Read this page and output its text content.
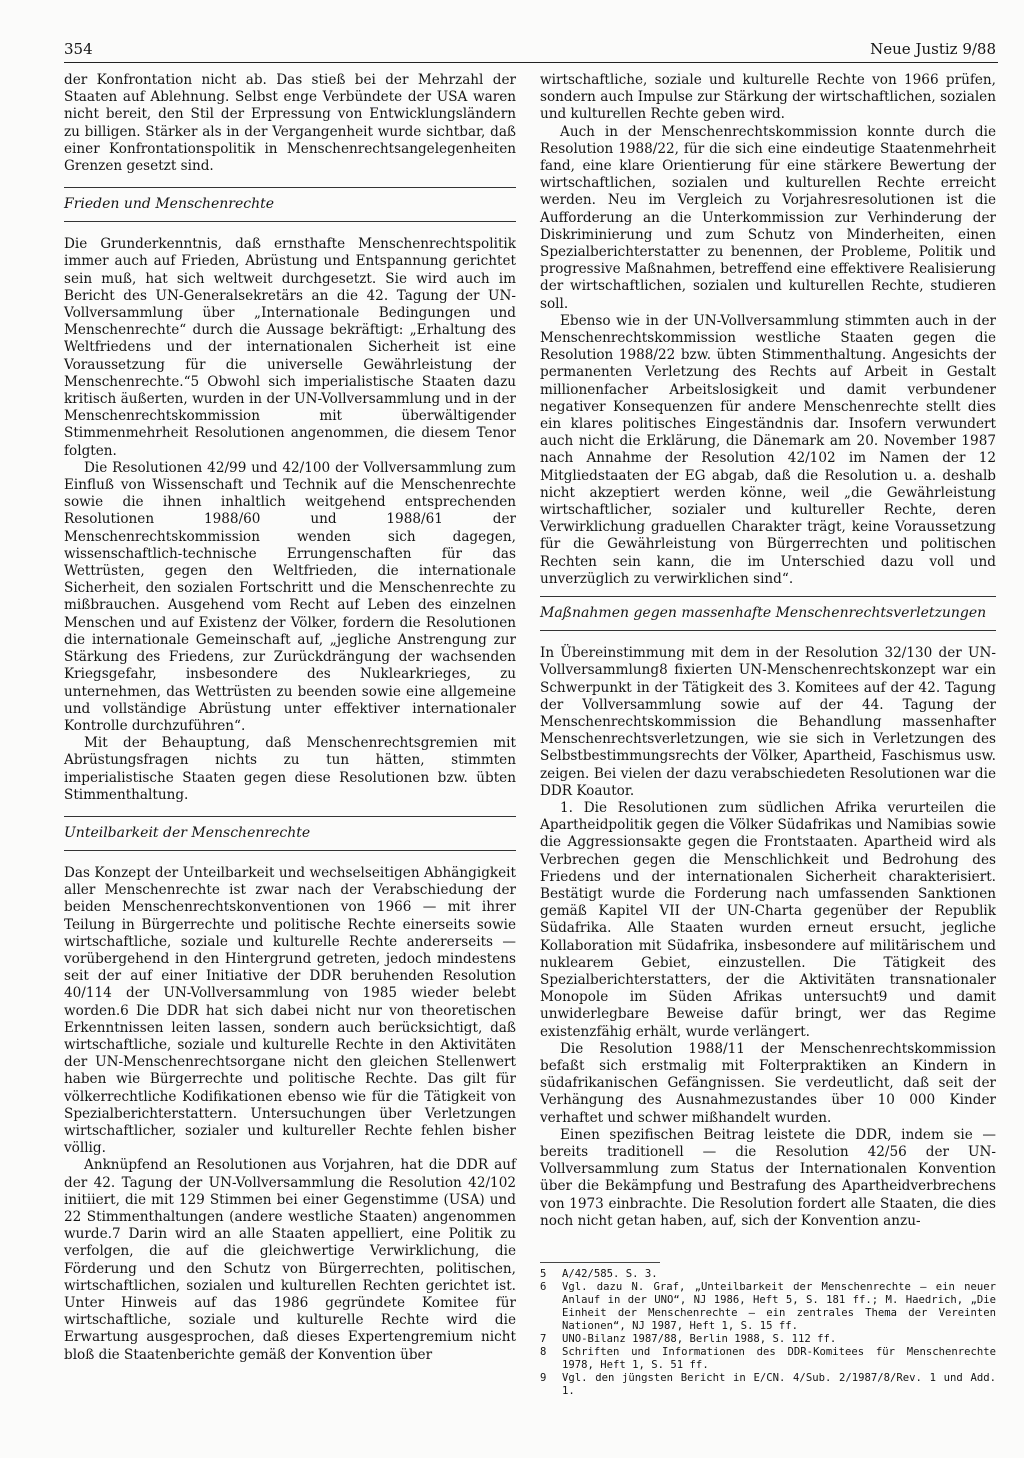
354	Neue Justiz 9/88

der Konfrontation nicht ab. Das stieß bei der Mehrzahl der Staaten auf Ablehnung. Selbst enge Verbündete der USA waren nicht bereit, den Stil der Erpressung von Entwicklungsländern zu billigen. Stärker als in der Vergangenheit wurde sichtbar, daß einer Konfrontationspolitik in Menschenrechtsangelegenheiten Grenzen gesetzt sind.

Frieden und Menschenrechte

Die Grunderkenntnis, daß ernsthafte Menschenrechtspolitik immer auch auf Frieden, Abrüstung und Entspannung gerichtet sein muß, hat sich weltweit durchgesetzt. Sie wird auch im Bericht des UN-Generalsekretärs an die 42. Tagung der UN-Vollversammlung über „Internationale Bedingungen und Menschenrechte“ durch die Aussage bekräftigt: „Erhaltung des Weltfriedens und der internationalen Sicherheit ist eine Voraussetzung für die universelle Gewährleistung der Menschenrechte.“5 Obwohl sich imperialistische Staaten dazu kritisch äußerten, wurden in der UN-Vollversammlung und in der Menschenrechtskommission mit überwältigender Stimmenmehrheit Resolutionen angenommen, die diesem Tenor folgten.

Die Resolutionen 42/99 und 42/100 der Vollversammlung zum Einfluß von Wissenschaft und Technik auf die Menschenrechte sowie die ihnen inhaltlich weitgehend entsprechenden Resolutionen 1988/60 und 1988/61 der Menschenrechtskommission wenden sich dagegen, wissenschaftlich-technische Errungenschaften für das Wettrüsten, gegen den Weltfrieden, die internationale Sicherheit, den sozialen Fortschritt und die Menschenrechte zu mißbrauchen. Ausgehend vom Recht auf Leben des einzelnen Menschen und auf Existenz der Völker, fordern die Resolutionen die internationale Gemeinschaft auf, „jegliche Anstrengung zur Stärkung des Friedens, zur Zurückdrängung der wachsenden Kriegsgefahr, insbesondere des Nuklearkrieges, zu unternehmen, das Wettrüsten zu beenden sowie eine allgemeine und vollständige Abrüstung unter effektiver internationaler Kontrolle durchzuführen“.

Mit der Behauptung, daß Menschenrechtsgremien mit Abrüstungsfragen nichts zu tun hätten, stimmten imperialistische Staaten gegen diese Resolutionen bzw. übten Stimmenthaltung.

Unteilbarkeit der Menschenrechte

Das Konzept der Unteilbarkeit und wechselseitigen Abhängigkeit aller Menschenrechte ist zwar nach der Verabschiedung der beiden Menschenrechtskonventionen von 1966 — mit ihrer Teilung in Bürgerrechte und politische Rechte einerseits sowie wirtschaftliche, soziale und kulturelle Rechte andererseits — vorübergehend in den Hintergrund getreten, jedoch mindestens seit der auf einer Initiative der DDR beruhenden Resolution 40/114 der UN-Vollversammlung von 1985 wieder belebt worden.6 Die DDR hat sich dabei nicht nur von theoretischen Erkenntnissen leiten lassen, sondern auch berücksichtigt, daß wirtschaftliche, soziale und kulturelle Rechte in den Aktivitäten der UN-Menschenrechtsorgane nicht den gleichen Stellenwert haben wie Bürgerrechte und politische Rechte. Das gilt für völkerrechtliche Kodifikationen ebenso wie für die Tätigkeit von Spezialberichterstattern. Untersuchungen über Verletzungen wirtschaftlicher, sozialer und kultureller Rechte fehlen bisher völlig.

Anknüpfend an Resolutionen aus Vorjahren, hat die DDR auf der 42. Tagung der UN-Vollversammlung die Resolution 42/102 initiiert, die mit 129 Stimmen bei einer Gegenstimme (USA) und 22 Stimmenthaltungen (andere westliche Staaten) angenommen wurde.7 Darin wird an alle Staaten appelliert, eine Politik zu verfolgen, die auf die gleichwertige Verwirklichung, die Förderung und den Schutz von Bürgerrechten, politischen, wirtschaftlichen, sozialen und kulturellen Rechten gerichtet ist. Unter Hinweis auf das 1986 gegründete Komitee für wirtschaftliche, soziale und kulturelle Rechte wird die Erwartung ausgesprochen, daß dieses Expertengremium nicht bloß die Staatenberichte gemäß der Konvention über

wirtschaftliche, soziale und kulturelle Rechte von 1966 prüfen, sondern auch Impulse zur Stärkung der wirtschaftlichen, sozialen und kulturellen Rechte geben wird.

Auch in der Menschenrechtskommission konnte durch die Resolution 1988/22, für die sich eine eindeutige Staatenmehrheit fand, eine klare Orientierung für eine stärkere Bewertung der wirtschaftlichen, sozialen und kulturellen Rechte erreicht werden. Neu im Vergleich zu Vorjahresresolutionen ist die Aufforderung an die Unterkommission zur Verhinderung der Diskriminierung und zum Schutz von Minderheiten, einen Spezialberichterstatter zu benennen, der Probleme, Politik und progressive Maßnahmen, betreffend eine effektivere Realisierung der wirtschaftlichen, sozialen und kulturellen Rechte, studieren soll.

Ebenso wie in der UN-Vollversammlung stimmten auch in der Menschenrechtskommission westliche Staaten gegen die Resolution 1988/22 bzw. übten Stimmenthaltung. Angesichts der permanenten Verletzung des Rechts auf Arbeit in Gestalt millionenfacher Arbeitslosigkeit und damit verbundener negativer Konsequenzen für andere Menschenrechte stellt dies ein klares politisches Eingeständnis dar. Insofern verwundert auch nicht die Erklärung, die Dänemark am 20. November 1987 nach Annahme der Resolution 42/102 im Namen der 12 Mitgliedstaaten der EG abgab, daß die Resolution u. a. deshalb nicht akzeptiert werden könne, weil „die Gewährleistung wirtschaftlicher, sozialer und kultureller Rechte, deren Verwirklichung graduellen Charakter trägt, keine Voraussetzung für die Gewährleistung von Bürgerrechten und politischen Rechten sein kann, die im Unterschied dazu voll und unverzüglich zu verwirklichen sind“.

Maßnahmen gegen massenhafte Menschenrechtsverletzungen

In Übereinstimmung mit dem in der Resolution 32/130 der UN-Vollversammlung8 fixierten UN-Menschenrechtskonzept war ein Schwerpunkt in der Tätigkeit des 3. Komitees auf der 42. Tagung der Vollversammlung sowie auf der 44. Tagung der Menschenrechtskommission die Behandlung massenhafter Menschenrechtsverletzungen, wie sie sich in Verletzungen des Selbstbestimmungsrechts der Völker, Apartheid, Faschismus usw. zeigen. Bei vielen der dazu verabschiedeten Resolutionen war die DDR Koautor.

1. Die Resolutionen zum südlichen Afrika verurteilen die Apartheidpolitik gegen die Völker Südafrikas und Namibias sowie die Aggressionsakte gegen die Frontstaaten. Apartheid wird als Verbrechen gegen die Menschlichkeit und Bedrohung des Friedens und der internationalen Sicherheit charakterisiert. Bestätigt wurde die Forderung nach umfassenden Sanktionen gemäß Kapitel VII der UN-Charta gegenüber der Republik Südafrika. Alle Staaten wurden erneut ersucht, jegliche Kollaboration mit Südafrika, insbesondere auf militärischem und nuklearem Gebiet, einzustellen. Die Tätigkeit des Spezialberichterstatters, der die Aktivitäten transnationaler Monopole im Süden Afrikas untersucht9 und damit unwiderlegbare Beweise dafür bringt, wer das Regime existenzfähig erhält, wurde verlängert.

Die Resolution 1988/11 der Menschenrechtskommission befaßt sich erstmalig mit Folterpraktiken an Kindern in südafrikanischen Gefängnissen. Sie verdeutlicht, daß seit der Verhängung des Ausnahmezustandes über 10 000 Kinder verhaftet und schwer mißhandelt wurden.

Einen spezifischen Beitrag leistete die DDR, indem sie — bereits traditionell — die Resolution 42/56 der UN-Vollversammlung zum Status der Internationalen Konvention über die Bekämpfung und Bestrafung des Apartheidverbrechens von 1973 einbrachte. Die Resolution fordert alle Staaten, die dies noch nicht getan haben, auf, sich der Konvention anzu-

5	A/42/585. S. 3.
6	Vgl. dazu N. Graf, „Unteilbarkeit der Menschenrechte — ein neuer Anlauf in der UNO“, NJ 1986, Heft 5, S. 181 ff.; M. Haedrich, „Die Einheit der Menschenrechte — ein zentrales Thema der Vereinten Nationen“, NJ 1987, Heft 1, S. 15 ff.
7	UNO-Bilanz 1987/88, Berlin 1988, S. 112 ff.
8	Schriften und Informationen des DDR-Komitees für Menschenrechte 1978, Heft 1, S. 51 ff.
9	Vgl. den jüngsten Bericht in E/CN. 4/Sub. 2/1987/8/Rev. 1 und Add. 1.
